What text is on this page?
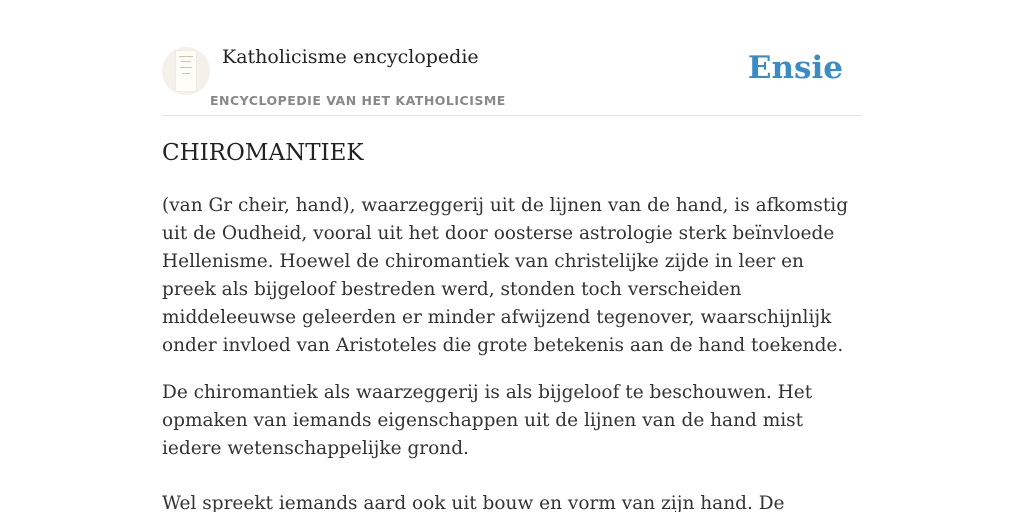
Katholicisme encyclopedie
ENCYCLOPEDIE VAN HET KATHOLICISME
Ensie
CHIROMANTIEK

(van Gr cheir, hand), waarzeggerij uit de lijnen van de hand, is afkomstig uit de Oudheid, vooral uit het door oosterse astrologie sterk beïnvloede Hellenisme. Hoewel de chiromantiek van christelijke zijde in leer en preek als bijgeloof bestreden werd, stonden toch verscheiden middeleeuwse geleerden er minder afwijzend tegenover, waarschijnlijk onder invloed van Aristoteles die grote betekenis aan de hand toekende.

De chiromantiek als waarzeggerij is als bijgeloof te beschouwen. Het opmaken van iemands eigenschappen uit de lijnen van de hand mist iedere wetenschappelijke grond.

Wel spreekt iemands aard ook uit bouw en vorm van zijn hand. De
